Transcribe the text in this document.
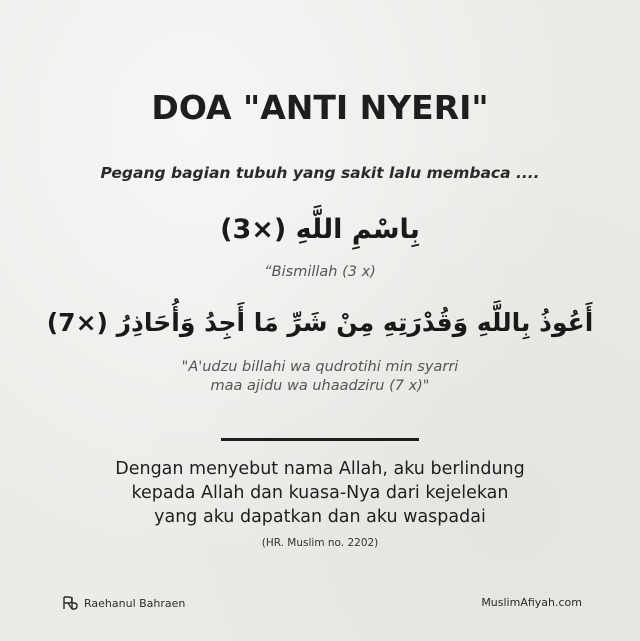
DOA "ANTI NYERI"
Pegang bagian tubuh yang sakit lalu membaca ....
بِاسْمِ اللَّهِ (×3)
“Bismillah (3 x)
أَعُوذُ بِاللَّهِ وَقُدْرَتِهِ مِنْ شَرِّ مَا أَجِدُ وَأُحَاذِرُ (×7)
"A'udzu billahi wa qudrotihi min syarri
maa ajidu wa uhaadziru (7 x)"
Dengan menyebut nama Allah, aku berlindung
kepada Allah dan kuasa-Nya dari kejelekan
yang aku dapatkan dan aku waspadai
(HR. Muslim no. 2202)
Raehanul Bahraen	MuslimAfiyah.com
